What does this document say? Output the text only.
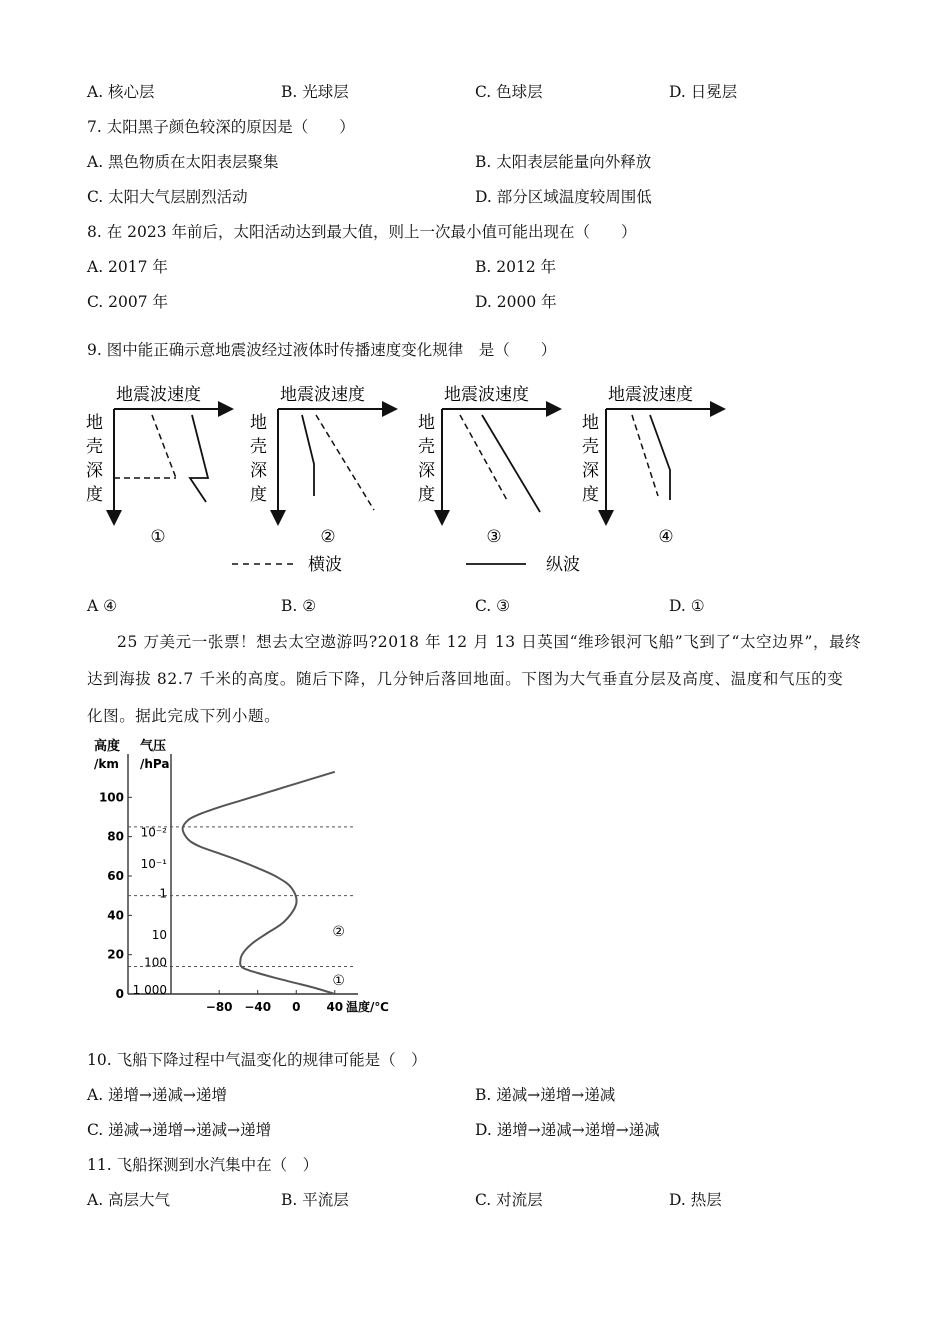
A. 核心层	B. 光球层	C. 色球层	D. 日冕层
7. 太阳黑子颜色较深的原因是（　　）
A. 黑色物质在太阳表层聚集	B. 太阳表层能量向外释放
C. 太阳大气层剧烈活动	D. 部分区域温度较周围低
8. 在 2023 年前后，太阳活动达到最大值，则上一次最小值可能出现在（　　）
A. 2017 年	B. 2012 年
C. 2007 年	D. 2000 年
9. 图中能正确示意地震波经过液体时传播速度变化规律　是（　　）
地震波速度
地
壳
深
度
①
地震波速度
地
壳
深
度
②
地震波速度
地
壳
深
度
③
地震波速度
地
壳
深
度
④
横波	纵波
A ④	B. ②	C. ③	D. ①
25 万美元一张票！想去太空遨游吗?2018 年 12 月 13 日英国“维珍银河飞船”飞到了“太空边界”，最终
达到海拔 82.7 千米的高度。随后下降，几分钟后落回地面。下图为大气垂直分层及高度、温度和气压的变
化图。据此完成下列小题。
高度
/km
气压
/hPa
0
20
40
60
80
100
1 000
100
10
1
10⁻¹
10⁻²
−80 −40 0 40
①
②
温度/℃
10. 飞船下降过程中气温变化的规律可能是（　）
A. 递增→递减→递增	B. 递减→递增→递减
C. 递减→递增→递减→递增	D. 递增→递减→递增→递减
11. 飞船探测到水汽集中在（　）
A. 高层大气	B. 平流层	C. 对流层	D. 热层
